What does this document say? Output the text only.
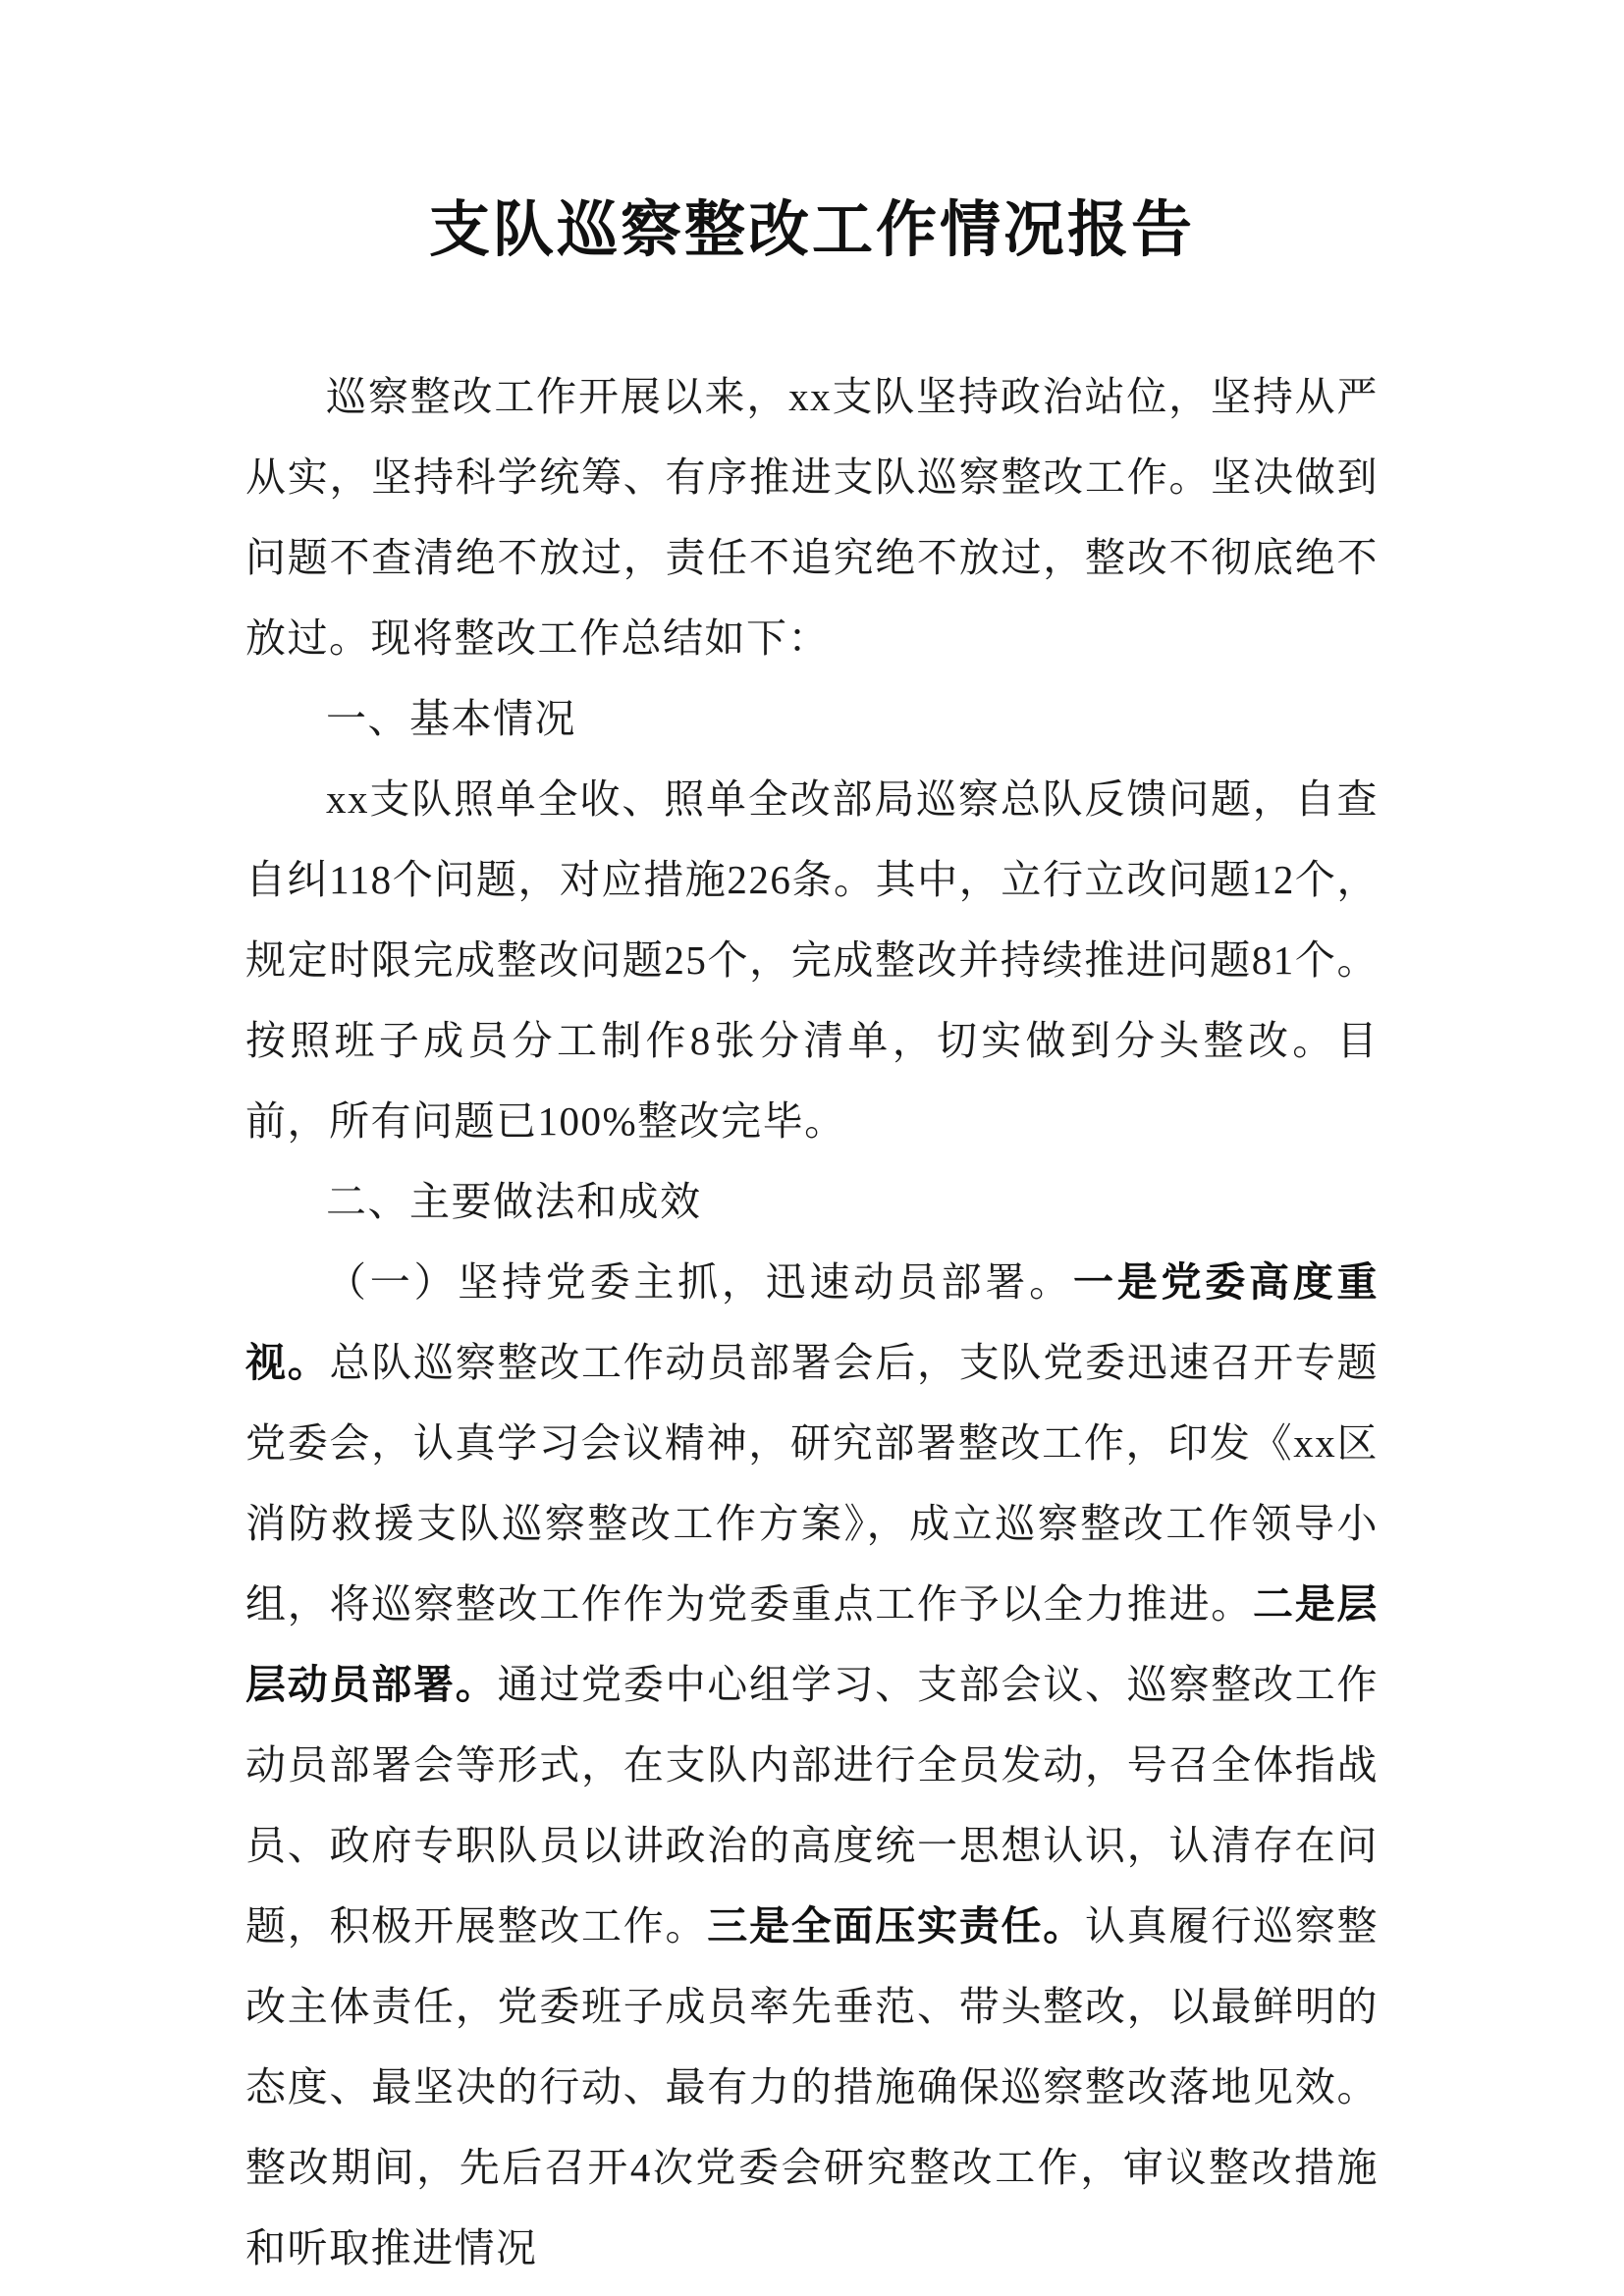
支队巡察整改工作情况报告

巡察整改工作开展以来，xx支队坚持政治站位，坚持从严从实，坚持科学统筹、有序推进支队巡察整改工作。坚决做到问题不查清绝不放过，责任不追究绝不放过，整改不彻底绝不放过。现将整改工作总结如下：

一、基本情况

xx支队照单全收、照单全改部局巡察总队反馈问题，自查自纠118个问题，对应措施226条。其中，立行立改问题12个，规定时限完成整改问题25个，完成整改并持续推进问题81个。按照班子成员分工制作8张分清单，切实做到分头整改。目前，所有问题已100%整改完毕。

二、主要做法和成效

（一）坚持党委主抓，迅速动员部署。一是党委高度重视。总队巡察整改工作动员部署会后，支队党委迅速召开专题党委会，认真学习会议精神，研究部署整改工作，印发《xx区消防救援支队巡察整改工作方案》，成立巡察整改工作领导小组，将巡察整改工作作为党委重点工作予以全力推进。二是层层动员部署。通过党委中心组学习、支部会议、巡察整改工作动员部署会等形式，在支队内部进行全员发动，号召全体指战员、政府专职队员以讲政治的高度统一思想认识，认清存在问题，积极开展整改工作。三是全面压实责任。认真履行巡察整改主体责任，党委班子成员率先垂范、带头整改，以最鲜明的态度、最坚决的行动、最有力的措施确保巡察整改落地见效。整改期间，先后召开4次党委会研究整改工作，审议整改措施和听取推进情况
